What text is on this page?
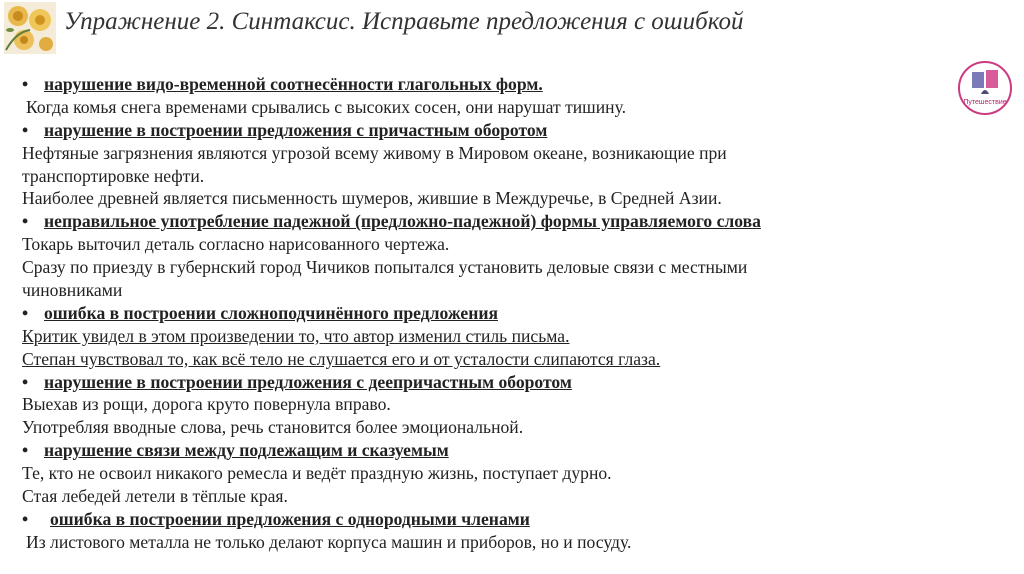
Упражнение 2. Синтаксис. Исправьте предложения с ошибкой
Путешествие
• нарушение видо-временной соотнесённости глагольных форм.
Когда комья снега временами срывались с высоких сосен, они нарушат тишину.
• нарушение в построении предложения с причастным оборотом
Нефтяные загрязнения являются угрозой всему живому в Мировом океане, возникающие при
транспортировке нефти.
Наиболее древней является письменность шумеров, жившие в Междуречье, в Средней Азии.
• неправильное употребление падежной (предложно-падежной) формы управляемого слова
Токарь выточил деталь согласно нарисованного чертежа.
Сразу по приезду в губернский город Чичиков попытался установить деловые связи с местными
чиновниками
• ошибка в построении сложноподчинённого предложения
Критик увидел в этом произведении то, что автор изменил стиль письма.
Степан чувствовал то, как всё тело не слушается его и от усталости слипаются глаза.
• нарушение в построении предложения с деепричастным оборотом
Выехав из рощи, дорога круто повернула вправо.
Употребляя вводные слова, речь становится более эмоциональной.
• нарушение связи между подлежащим и сказуемым
Те, кто не освоил никакого ремесла и ведёт праздную жизнь, поступает дурно.
Стая лебедей летели в тёплые края.
• ошибка в построении предложения с однородными членами
Из листового металла не только делают корпуса машин и приборов, но и посуду.
